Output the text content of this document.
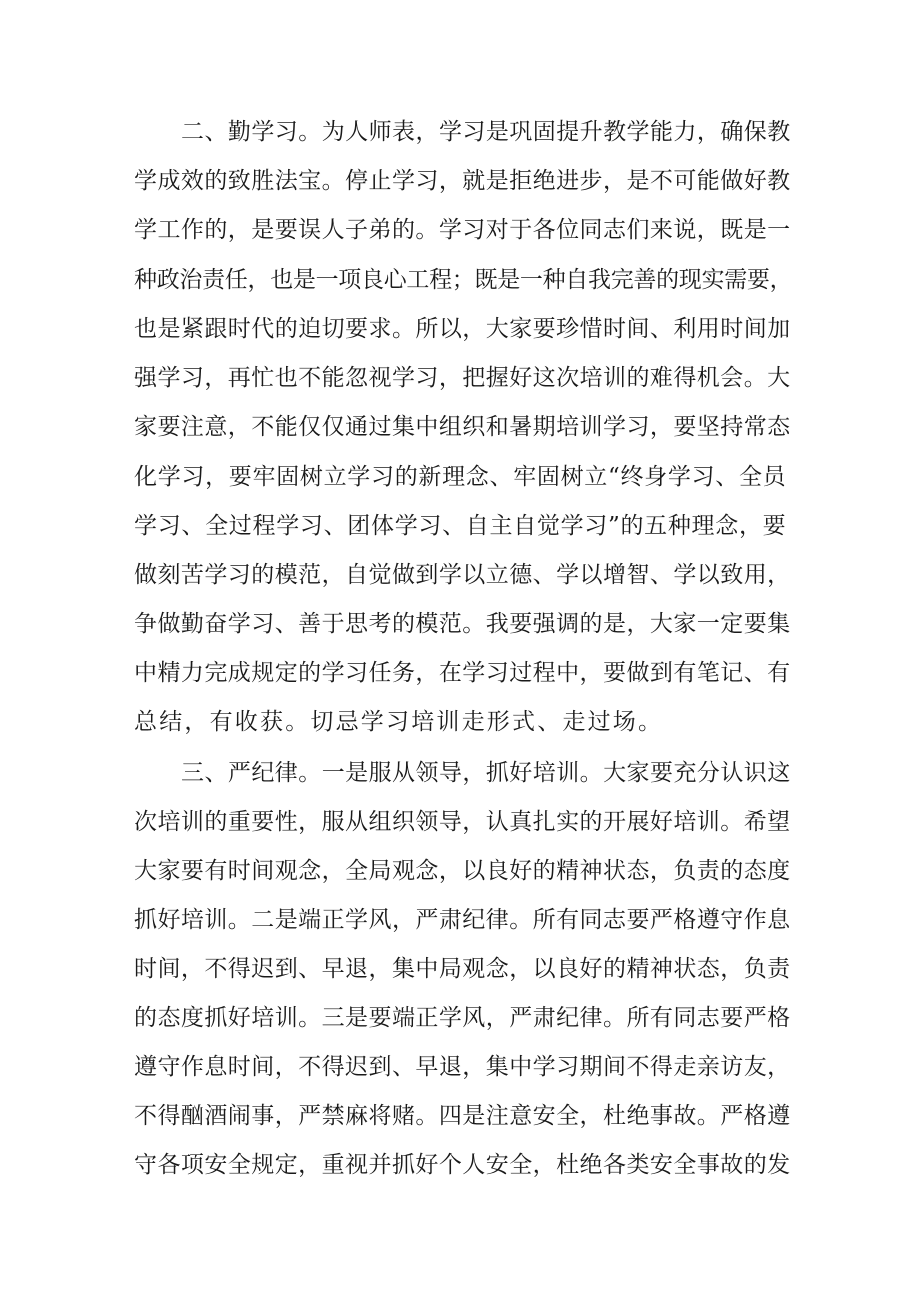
二、勤学习。为人师表，学习是巩固提升教学能力，确保教
学成效的致胜法宝。停止学习，就是拒绝进步，是不可能做好教
学工作的，是要误人子弟的。学习对于各位同志们来说，既是一
种政治责任，也是一项良心工程；既是一种自我完善的现实需要，
也是紧跟时代的迫切要求。所以，大家要珍惜时间、利用时间加
强学习，再忙也不能忽视学习，把握好这次培训的难得机会。大
家要注意，不能仅仅通过集中组织和暑期培训学习，要坚持常态
化学习，要牢固树立学习的新理念、牢固树立“终身学习、全员
学习、全过程学习、团体学习、自主自觉学习”的五种理念，要
做刻苦学习的模范，自觉做到学以立德、学以增智、学以致用，
争做勤奋学习、善于思考的模范。我要强调的是，大家一定要集
中精力完成规定的学习任务，在学习过程中，要做到有笔记、有
总结，有收获。切忌学习培训走形式、走过场。
三、严纪律。一是服从领导，抓好培训。大家要充分认识这
次培训的重要性，服从组织领导，认真扎实的开展好培训。希望
大家要有时间观念，全局观念，以良好的精神状态，负责的态度
抓好培训。二是端正学风，严肃纪律。所有同志要严格遵守作息
时间，不得迟到、早退，集中局观念，以良好的精神状态，负责
的态度抓好培训。三是要端正学风，严肃纪律。所有同志要严格
遵守作息时间，不得迟到、早退，集中学习期间不得走亲访友，
不得酗酒闹事，严禁麻将赌。四是注意安全，杜绝事故。严格遵
守各项安全规定，重视并抓好个人安全，杜绝各类安全事故的发
